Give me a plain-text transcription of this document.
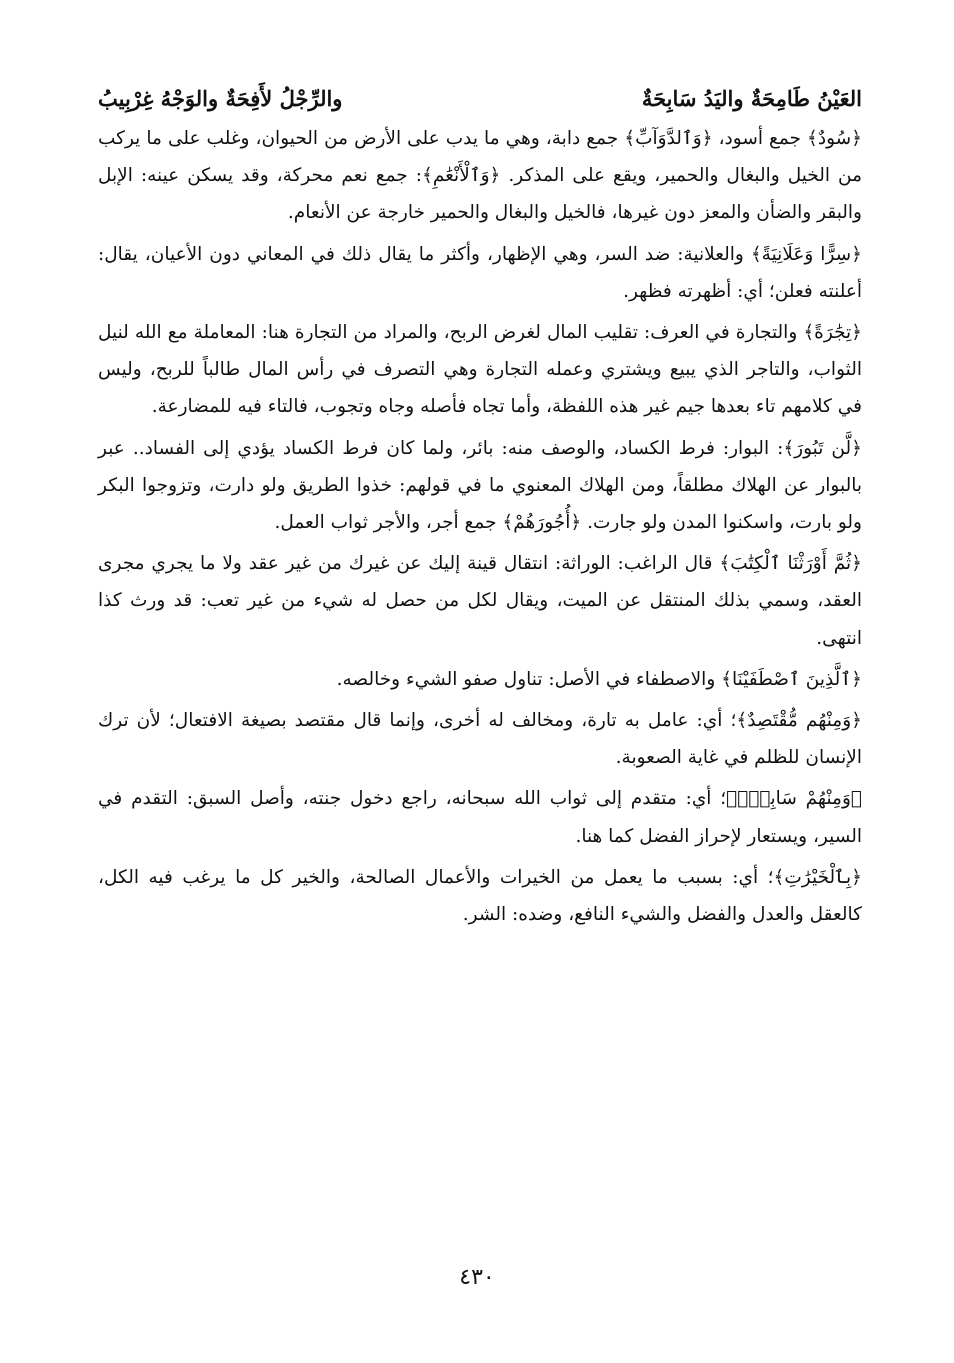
العَيْنُ طَامِحَةٌ واليَدُ سَابِحَةٌ
والرِّجْلُ لأَفِحَةٌ والوَجْهُ غِرْبِيبُ

﴿سُودٌ﴾ جمع أسود، ﴿وَٱلدَّوَآبِّ﴾ جمع دابة، وهي ما يدب على الأرض من الحيوان، وغلب على ما يركب من الخيل والبغال والحمير، ويقع على المذكر. ﴿وَٱلْأَنْعَٰمِ﴾: جمع نعم محركة، وقد يسكن عينه: الإبل والبقر والضأن والمعز دون غيرها، فالخيل والبغال والحمير خارجة عن الأنعام.

﴿سِرًّا وَعَلَانِيَةً﴾ والعلانية: ضد السر، وهي الإظهار، وأكثر ما يقال ذلك في المعاني دون الأعيان، يقال: أعلنته فعلن؛ أي: أظهرته فظهر.

﴿تِجَٰرَةً﴾ والتجارة في العرف: تقليب المال لغرض الربح، والمراد من التجارة هنا: المعاملة مع الله لنيل الثواب، والتاجر الذي يبيع ويشتري وعمله التجارة وهي التصرف في رأس المال طالباً للربح، وليس في كلامهم تاء بعدها جيم غير هذه اللفظة، وأما تجاه فأصله وجاه وتجوب، فالتاء فيه للمضارعة.

﴿لَّن تَبُورَ﴾: البوار: فرط الكساد، والوصف منه: بائر، ولما كان فرط الكساد يؤدي إلى الفساد.. عبر بالبوار عن الهلاك مطلقاً، ومن الهلاك المعنوي ما في قولهم: خذوا الطريق ولو دارت، وتزوجوا البكر ولو بارت، واسكنوا المدن ولو جارت. ﴿أُجُورَهُمْ﴾ جمع أجر، والأجر ثواب العمل.

﴿ثُمَّ أَوْرَثْنَا ٱلْكِتَٰبَ﴾ قال الراغب: الوراثة: انتقال قينة إليك عن غيرك من غير عقد ولا ما يجري مجرى العقد، وسمي بذلك المنتقل عن الميت، ويقال لكل من حصل له شيء من غير تعب: قد ورث كذا انتهى.

﴿ٱلَّذِينَ ٱصْطَفَيْنَا﴾ والاصطفاء في الأصل: تناول صفو الشيء وخالصه.

﴿وَمِنْهُم مُّقْتَصِدٌ﴾؛ أي: عامل به تارة، ومخالف له أخرى، وإنما قال مقتصد بصيغة الافتعال؛ لأن ترك الإنسان للظلم في غاية الصعوبة.

﴿وَمِنْهُمْ سَابِقٌۢ﴾؛ أي: متقدم إلى ثواب الله سبحانه، راجع دخول جنته، وأصل السبق: التقدم في السير، ويستعار لإحراز الفضل كما هنا.

﴿بِٱلْخَيْرَٰتِ﴾؛ أي: بسبب ما يعمل من الخيرات والأعمال الصالحة، والخير كل ما يرغب فيه الكل، كالعقل والعدل والفضل والشيء النافع، وضده: الشر.

٤٣٠
